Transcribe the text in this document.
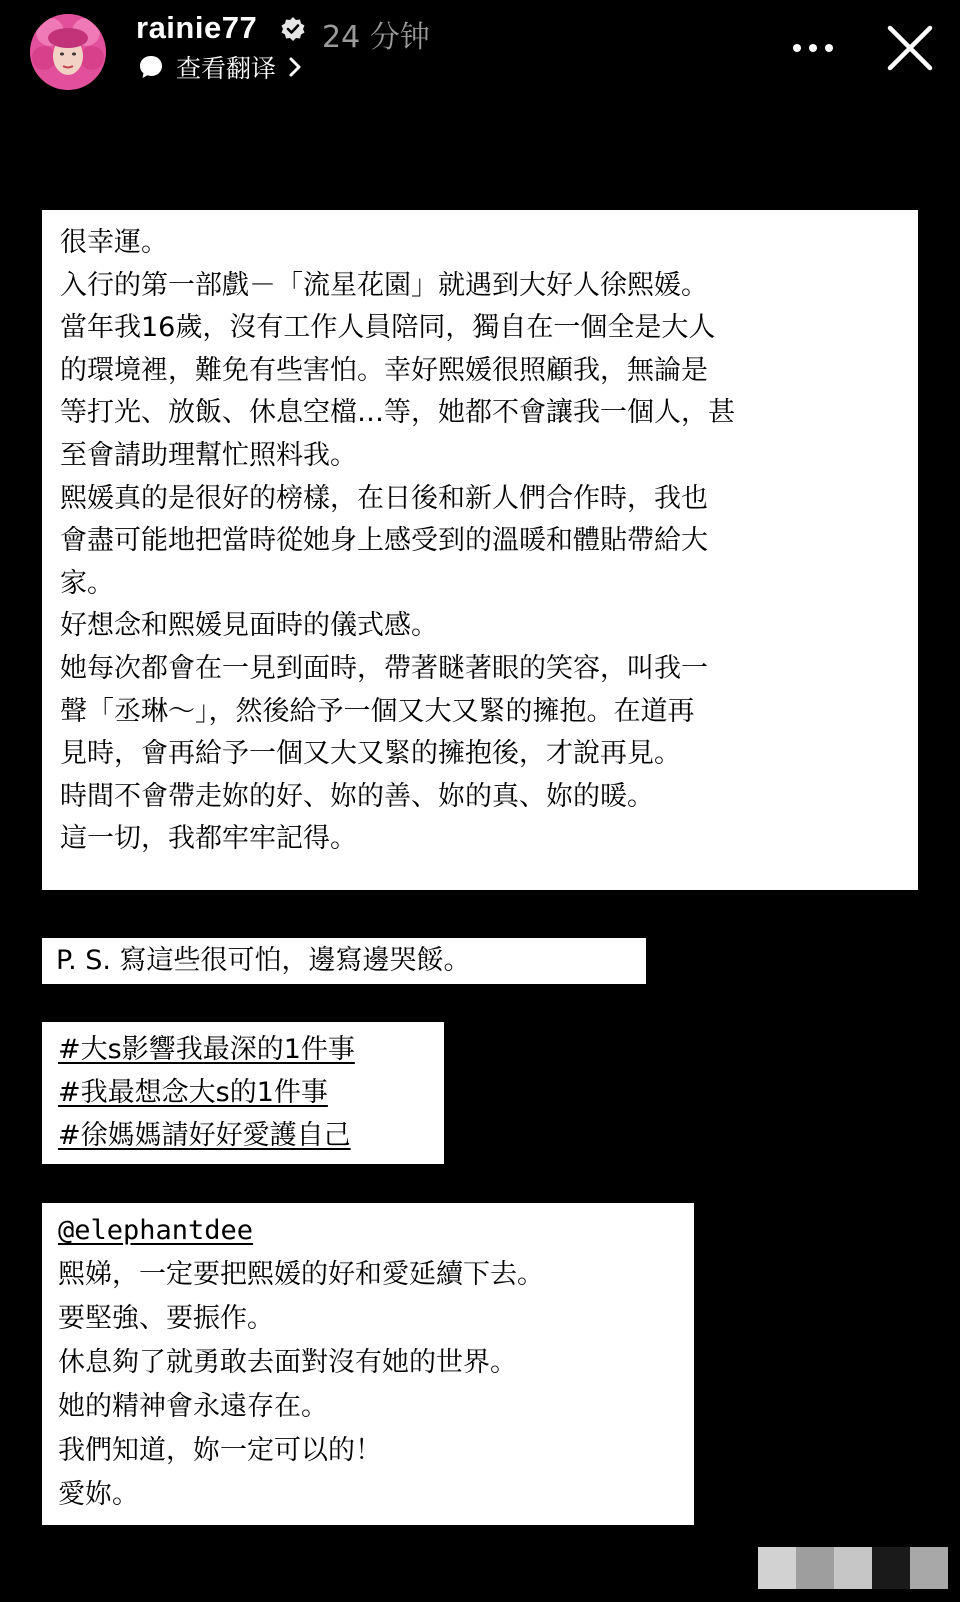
rainie77 24 分钟
查看翻译
很幸運。
入行的第一部戲－「流星花園」就遇到大好人徐熙媛。
當年我16歲，沒有工作人員陪同，獨自在一個全是大人
的環境裡，難免有些害怕。幸好熙媛很照顧我，無論是
等打光、放飯、休息空檔…等，她都不會讓我一個人，甚
至會請助理幫忙照料我。
熙媛真的是很好的榜樣，在日後和新人們合作時，我也
會盡可能地把當時從她身上感受到的溫暖和體貼帶給大
家。
好想念和熙媛見面時的儀式感。
她每次都會在一見到面時，帶著瞇著眼的笑容，叫我一
聲「丞琳～」，然後給予一個又大又緊的擁抱。在道再
見時，會再給予一個又大又緊的擁抱後，才說再見。
時間不會帶走妳的好、妳的善、妳的真、妳的暖。
這一切，我都牢牢記得。
P. S. 寫這些很可怕，邊寫邊哭餒。
#大s影響我最深的1件事
#我最想念大s的1件事
#徐媽媽請好好愛護自己
@elephantdee
熙娣，一定要把熙媛的好和愛延續下去。
要堅強、要振作。
休息夠了就勇敢去面對沒有她的世界。
她的精神會永遠存在。
我們知道，妳一定可以的！
愛妳。
